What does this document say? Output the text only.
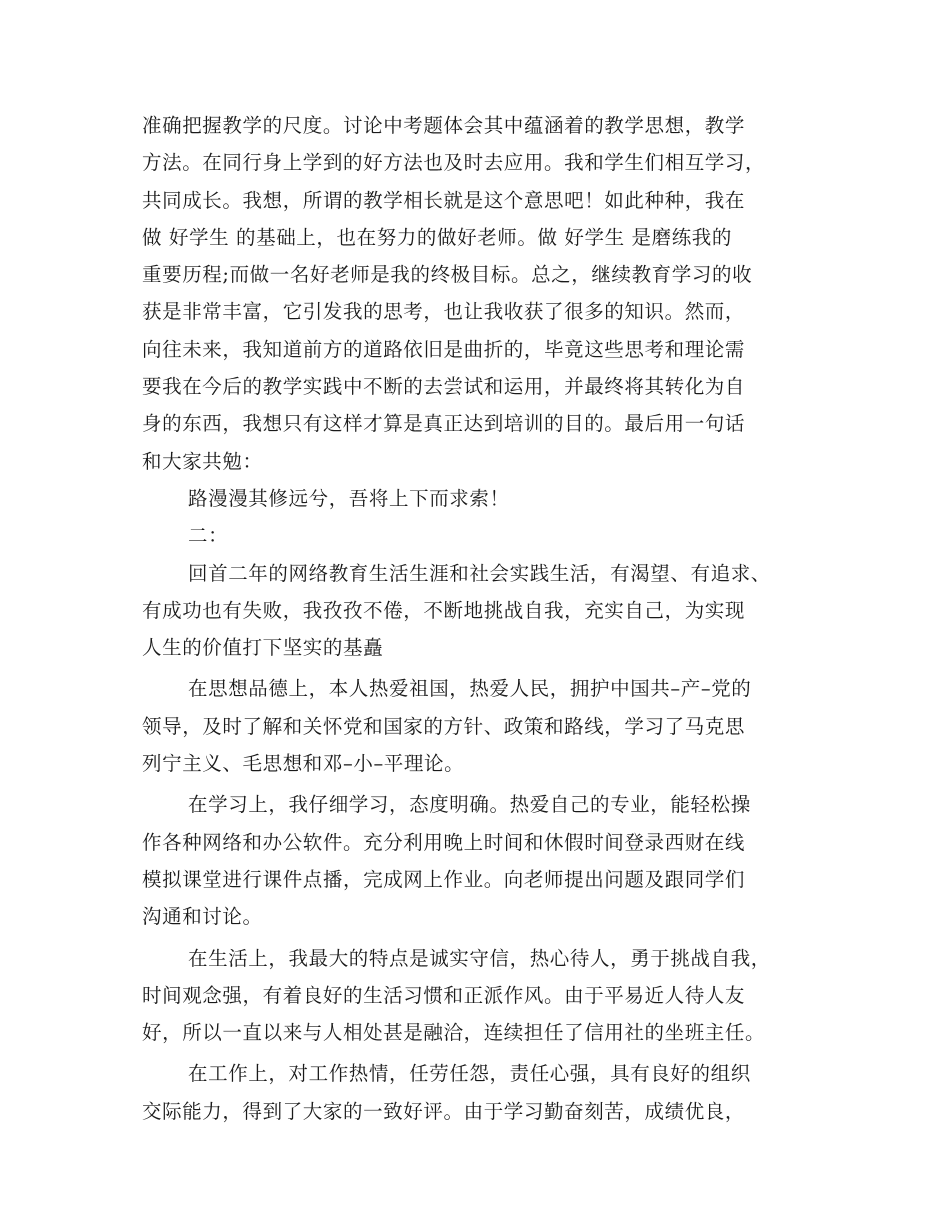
准确把握教学的尺度。讨论中考题体会其中蕴涵着的教学思想，教学
方法。在同行身上学到的好方法也及时去应用。我和学生们相互学习，
共同成长。我想，所谓的教学相长就是这个意思吧！如此种种，我在
做 好学生 的基础上，也在努力的做好老师。做 好学生 是磨练我的
重要历程;而做一名好老师是我的终极目标。总之，继续教育学习的收
获是非常丰富，它引发我的思考，也让我收获了很多的知识。然而，
向往未来，我知道前方的道路依旧是曲折的，毕竟这些思考和理论需
要我在今后的教学实践中不断的去尝试和运用，并最终将其转化为自
身的东西，我想只有这样才算是真正达到培训的目的。最后用一句话
和大家共勉：
路漫漫其修远兮，吾将上下而求索！
二：
回首二年的网络教育生活生涯和社会实践生活，有渴望、有追求、
有成功也有失败，我孜孜不倦，不断地挑战自我，充实自己，为实现
人生的价值打下坚实的基矗
在思想品德上，本人热爱祖国，热爱人民，拥护中国共–产–党的
领导，及时了解和关怀党和国家的方针、政策和路线，学习了马克思
列宁主义、毛思想和邓–小–平理论。
在学习上，我仔细学习，态度明确。热爱自己的专业，能轻松操
作各种网络和办公软件。充分利用晚上时间和休假时间登录西财在线
模拟课堂进行课件点播，完成网上作业。向老师提出问题及跟同学们
沟通和讨论。
在生活上，我最大的特点是诚实守信，热心待人，勇于挑战自我，
时间观念强，有着良好的生活习惯和正派作风。由于平易近人待人友
好，所以一直以来与人相处甚是融洽，连续担任了信用社的坐班主任。
在工作上，对工作热情，任劳任怨，责任心强，具有良好的组织
交际能力，得到了大家的一致好评。由于学习勤奋刻苦，成绩优良，
